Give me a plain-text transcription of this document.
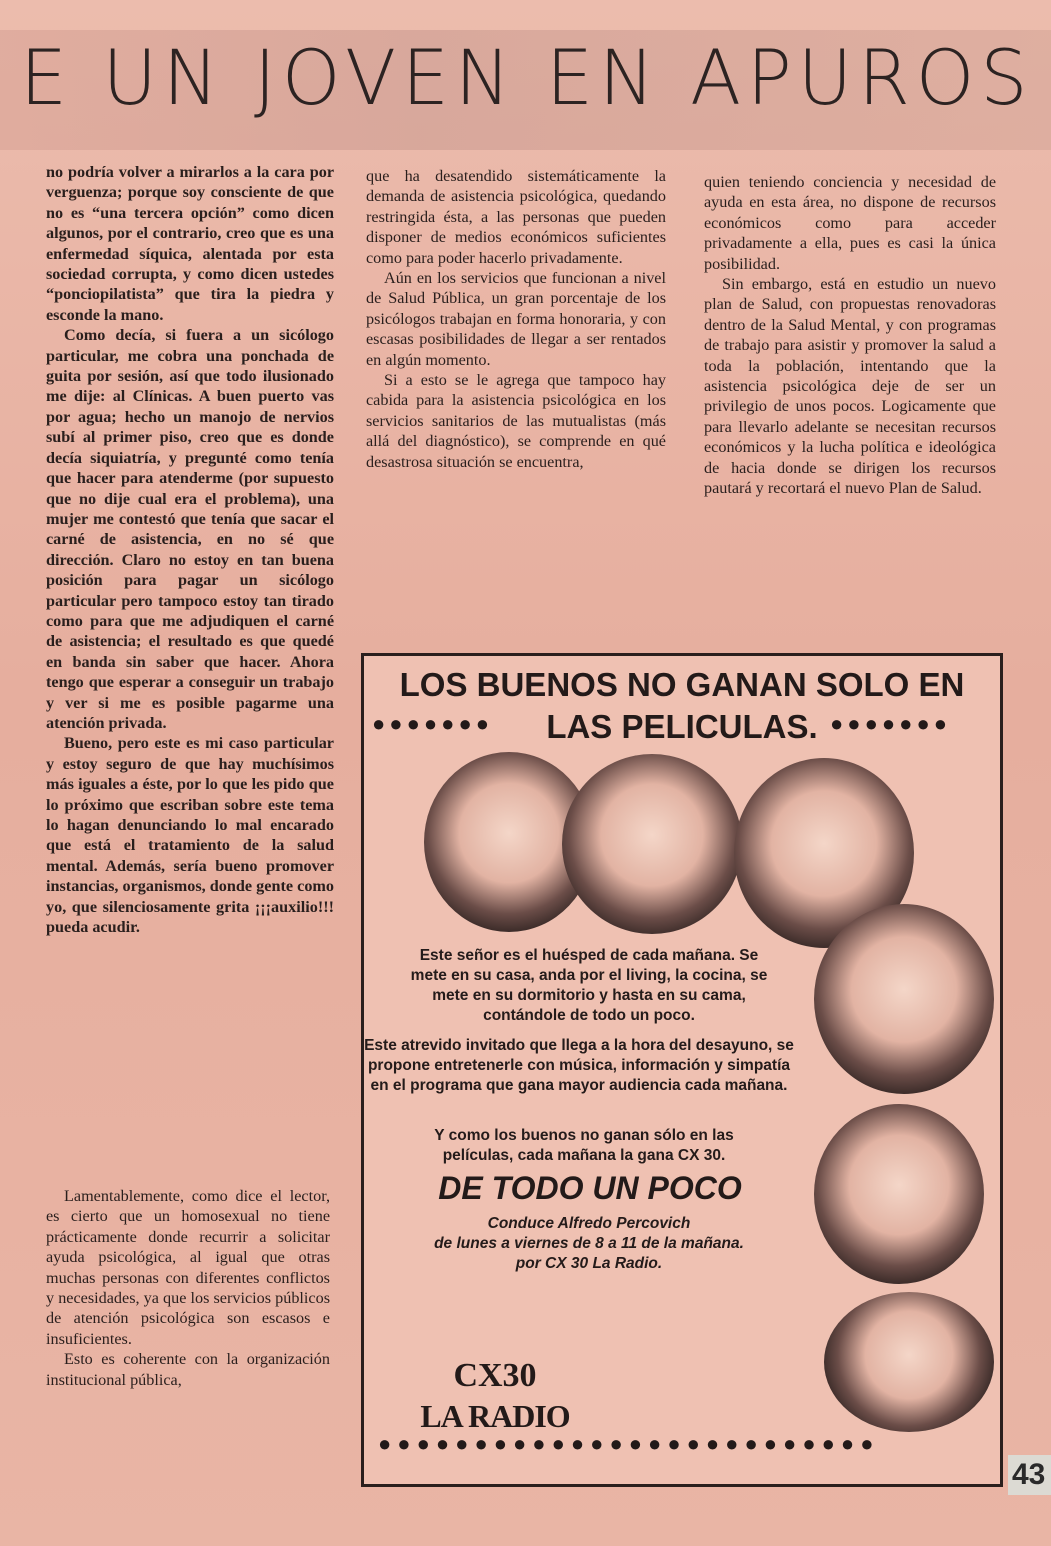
E UN JOVEN EN APUROS

no podría volver a mirarlos a la cara por verguenza; porque soy consciente de que no es “una tercera opción” como dicen algunos, por el contrario, creo que es una enfermedad síquica, alentada por esta sociedad corrupta, y como dicen ustedes “ponciopilatista” que tira la piedra y esconde la mano.

Como decía, si fuera a un sicólogo particular, me cobra una ponchada de guita por sesión, así que todo ilusionado me dije: al Clínicas. A buen puerto vas por agua; hecho un manojo de nervios subí al primer piso, creo que es donde decía siquiatría, y pregunté como tenía que hacer para atenderme (por supuesto que no dije cual era el problema), una mujer me contestó que tenía que sacar el carné de asistencia, en no sé que dirección. Claro no estoy en tan buena posición para pagar un sicólogo particular pero tampoco estoy tan tirado como para que me adjudiquen el carné de asistencia; el resultado es que quedé en banda sin saber que hacer. Ahora tengo que esperar a conseguir un trabajo y ver si me es posible pagarme una atención privada.

Bueno, pero este es mi caso particular y estoy seguro de que hay muchísimos más iguales a éste, por lo que les pido que lo próximo que escriban sobre este tema lo hagan denunciando lo mal encarado que está el tratamiento de la salud mental. Además, sería bueno promover instancias, organismos, donde gente como yo, que silenciosamente grita ¡¡¡auxilio!!! pueda acudir.

Lamentablemente, como dice el lector, es cierto que un homosexual no tiene prácticamente donde recurrir a solicitar ayuda psicológica, al igual que otras muchas personas con diferentes conflictos y necesidades, ya que los servicios públicos de atención psicológica son escasos e insuficientes.

Esto es coherente con la organización institucional pública,

que ha desatendido sistemáticamente la demanda de asistencia psicológica, quedando restringida ésta, a las personas que pueden disponer de medios económicos suficientes como para poder hacerlo privadamente.

Aún en los servicios que funcionan a nivel de Salud Pública, un gran porcentaje de los psicólogos trabajan en forma honoraria, y con escasas posibilidades de llegar a ser rentados en algún momento.

Si a esto se le agrega que tampoco hay cabida para la asistencia psicológica en los servicios sanitarios de las mutualistas (más allá del diagnóstico), se comprende en qué desastrosa situación se encuentra,

quien teniendo conciencia y necesidad de ayuda en esta área, no dispone de recursos económicos como para acceder privadamente a ella, pues es casi la única posibilidad.

Sin embargo, está en estudio un nuevo plan de Salud, con propuestas renovadoras dentro de la Salud Mental, y con programas de trabajo para asistir y promover la salud a toda la población, intentando que la asistencia psicológica deje de ser un privilegio de unos pocos. Logicamente que para llevarlo adelante se necesitan recursos económicos y la lucha política e ideológica de hacia donde se dirigen los recursos pautará y recortará el nuevo Plan de Salud.

LOS BUENOS NO GANAN SOLO EN
●●●●●●●	LAS PELICULAS. ●●●●●●●
Este señor es el huésped de cada mañana. Se mete en su casa, anda por el living, la cocina, se mete en su dormitorio y hasta en su cama, contándole de todo un poco.
Este atrevido invitado que llega a la hora del desayuno, se propone entretenerle con música, información y simpatía en el programa que gana mayor audiencia cada mañana.
Y como los buenos no ganan sólo en las películas, cada mañana la gana CX 30.
DE TODO UN POCO
Conduce Alfredo Percovich
de lunes a viernes de 8 a 11 de la mañana.
por CX 30 La Radio.
CX30
LA RADIO
●●●●●●●●●●●●●●●●●●●●●●●●●●
43
